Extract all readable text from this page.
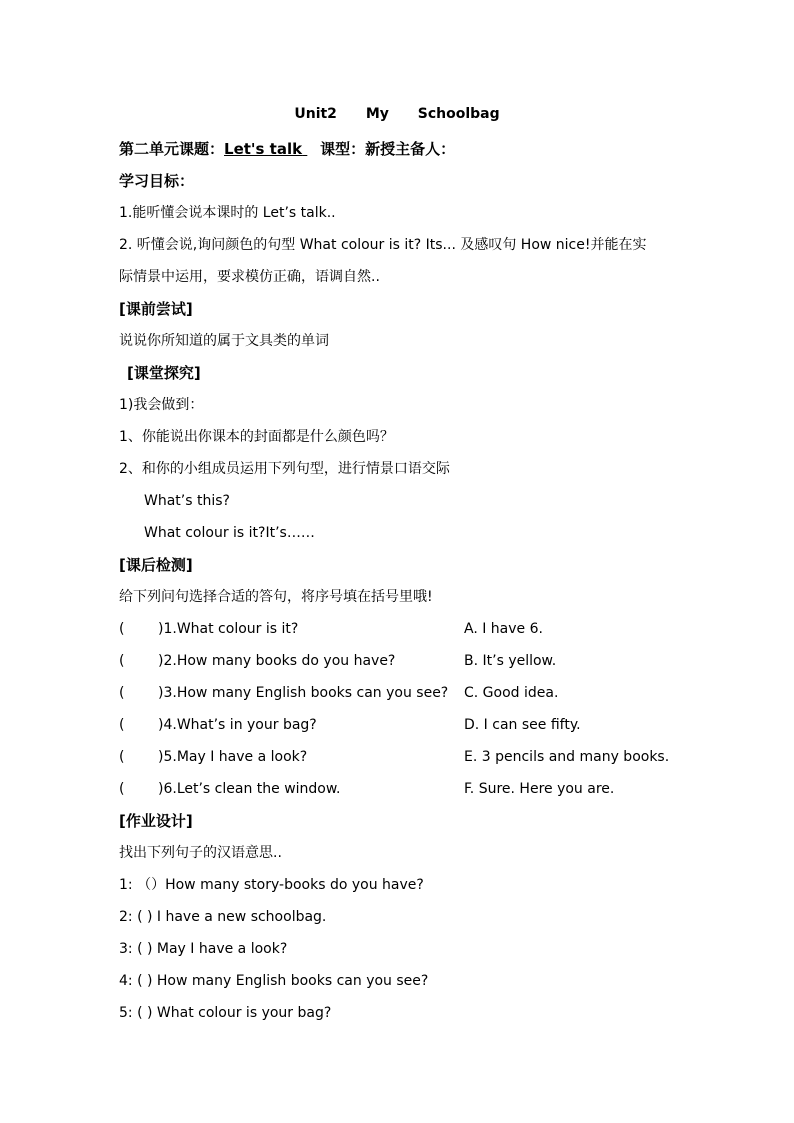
Unit2 My Schoolbag
第二单元课题：Let's talk 课型：新授主备人：
学习目标：
1.能听懂会说本课时的 Let’s talk..
2. 听懂会说,询问颜色的句型 What colour is it? Its... 及感叹句 How nice!并能在实
际情景中运用，要求模仿正确，语调自然..
[课前尝试]
说说你所知道的属于文具类的单词
[课堂探究]
1)我会做到：
1、你能说出你课本的封面都是什么颜色吗？
2、和你的小组成员运用下列句型，进行情景口语交际
What’s this?
What colour is it?It’s……
[课后检测]
给下列问句选择合适的答句，将序号填在括号里哦!
( )1.What colour is it?	A. I have 6.
( )2.How many books do you have?	B. It’s yellow.
( )3.How many English books can you see? C. Good idea.
( )4.What’s in your bag?	D. I can see fifty.
( )5.May I have a look?	E. 3 pencils and many books.
( )6.Let’s clean the window.	F. Sure. Here you are.
[作业设计]
找出下列句子的汉语意思..
1: （）How many story-books do you have?
2: ( ) I have a new schoolbag.
3: ( ) May I have a look?
4: ( ) How many English books can you see?
5: ( ) What colour is your bag?
